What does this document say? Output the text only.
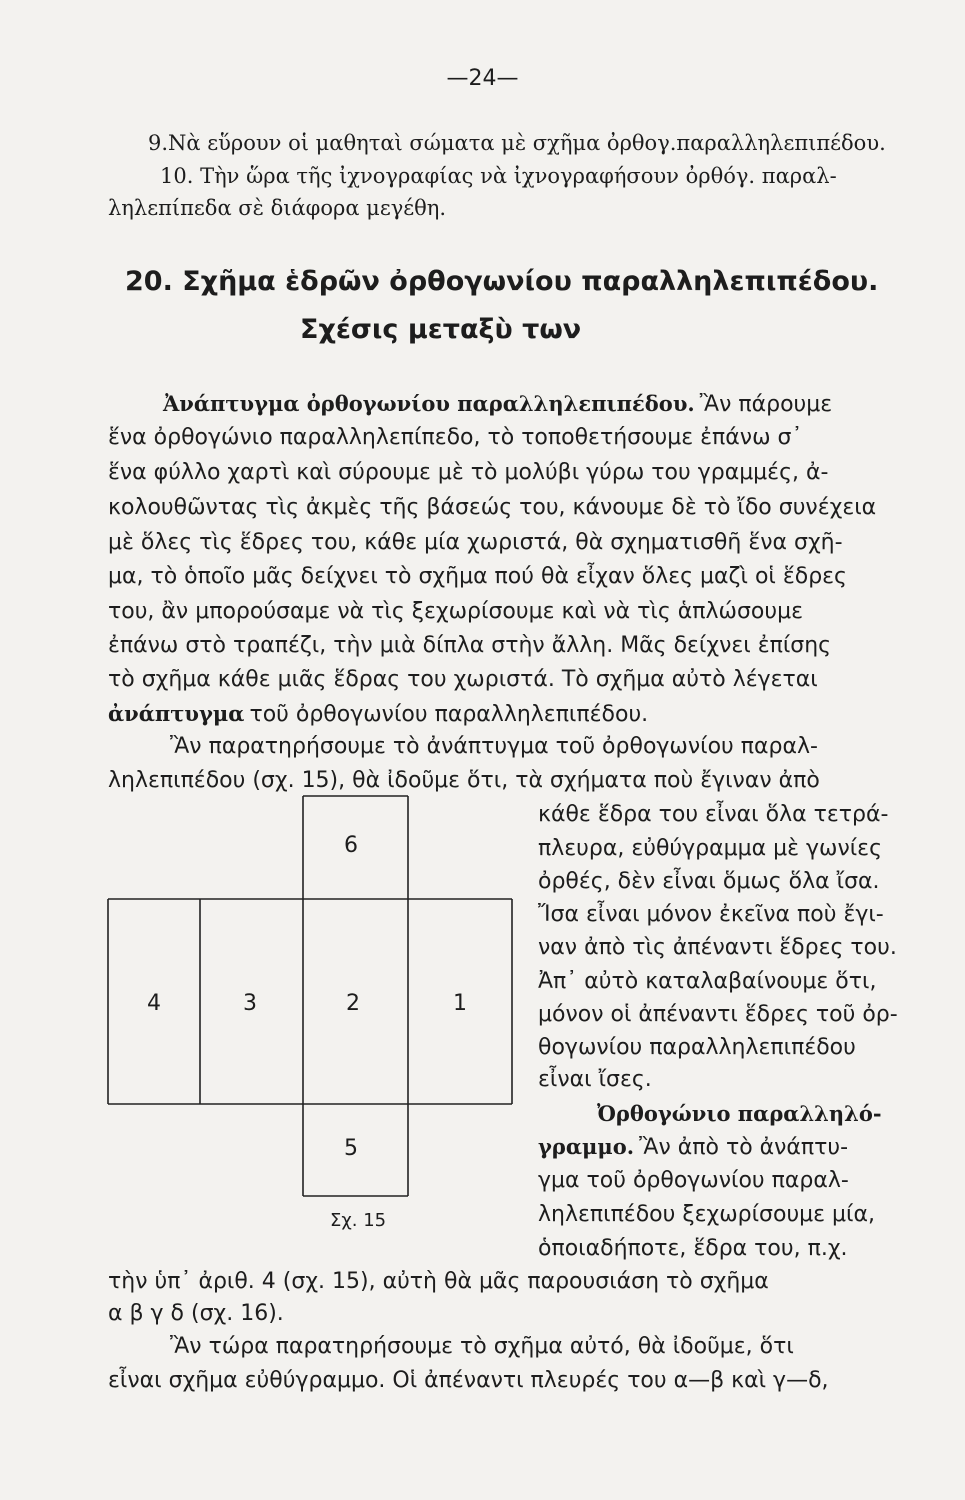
—24—
9.Νὰ εὕρουν οἱ μαθηταὶ σώματα μὲ σχῆμα ὀρθογ.παραλληλεπιπέδου.
10. Τὴν ὥρα τῆς ἰχνογραφίας νὰ ἰχνογραφήσουν ὀρθόγ. παραλ-
ληλεπίπεδα σὲ διάφορα μεγέθη.
20. Σχῆμα ἑδρῶν ὀρθογωνίου παραλληλεπιπέδου.
Σχέσις μεταξὺ των
Ἀνάπτυγμα ὀρθογωνίου παραλληλεπιπέδου. Ἂν πάρουμε
ἕνα ὀρθογώνιο παραλληλεπίπεδο, τὸ τοποθετήσουμε ἐπάνω σ᾽
ἕνα φύλλο χαρτὶ καὶ σύρουμε μὲ τὸ μολύβι γύρω του γραμμές, ἀ-
κολουθῶντας τὶς ἀκμὲς τῆς βάσεώς του, κάνουμε δὲ τὸ ἴδο συνέχεια
μὲ ὅλες τὶς ἕδρες του, κάθε μία χωριστά, θὰ σχηματισθῆ ἕνα σχῆ-
μα, τὸ ὁποῖο μᾶς δείχνει τὸ σχῆμα πού θὰ εἶχαν ὅλες μαζὶ οἱ ἕδρες
του, ἂν μπορούσαμε νὰ τὶς ξεχωρίσουμε καὶ νὰ τὶς ἁπλώσουμε
ἐπάνω στὸ τραπέζι, τὴν μιὰ δίπλα στὴν ἄλλη. Μᾶς δείχνει ἐπίσης
τὸ σχῆμα κάθε μιᾶς ἕδρας του χωριστά. Τὸ σχῆμα αὐτὸ λέγεται
ἀνάπτυγμα τοῦ ὀρθογωνίου παραλληλεπιπέδου.
Ἂν παρατηρήσουμε τὸ ἀνάπτυγμα τοῦ ὀρθογωνίου παραλ-
ληλεπιπέδου (σχ. 15), θὰ ἰδοῦμε ὅτι, τὰ σχήματα ποὺ ἔγιναν ἀπὸ
κάθε ἕδρα του εἶναι ὅλα τετρά-
πλευρα, εὐθύγραμμα μὲ γωνίες
ὀρθές, δὲν εἶναι ὅμως ὅλα ἴσα.
Ἴσα εἶναι μόνον ἐκεῖνα ποὺ ἔγι-
ναν ἀπὸ τὶς ἀπέναντι ἕδρες του.
Ἀπ᾽ αὐτὸ καταλαβαίνουμε ὅτι,
μόνον οἱ ἀπέναντι ἕδρες τοῦ ὀρ-
θογωνίου παραλληλεπιπέδου
εἶναι ἴσες.
Ὀρθογώνιο παραλληλό-
γραμμο. Ἂν ἀπὸ τὸ ἀνάπτυ-
γμα τοῦ ὀρθογωνίου παραλ-
ληλεπιπέδου ξεχωρίσουμε μία,
ὁποιαδήποτε, ἕδρα του, π.χ.
τὴν ὑπ᾽ ἀριθ. 4 (σχ. 15), αὐτὴ θὰ μᾶς παρουσιάση τὸ σχῆμα
α β γ δ (σχ. 16).
Ἂν τώρα παρατηρήσουμε τὸ σχῆμα αὐτό, θὰ ἰδοῦμε, ὅτι
εἶναι σχῆμα εὐθύγραμμο. Οἱ ἀπέναντι πλευρές του α—β καὶ γ—δ,
6
4	3	2	1
5
Σχ. 15
